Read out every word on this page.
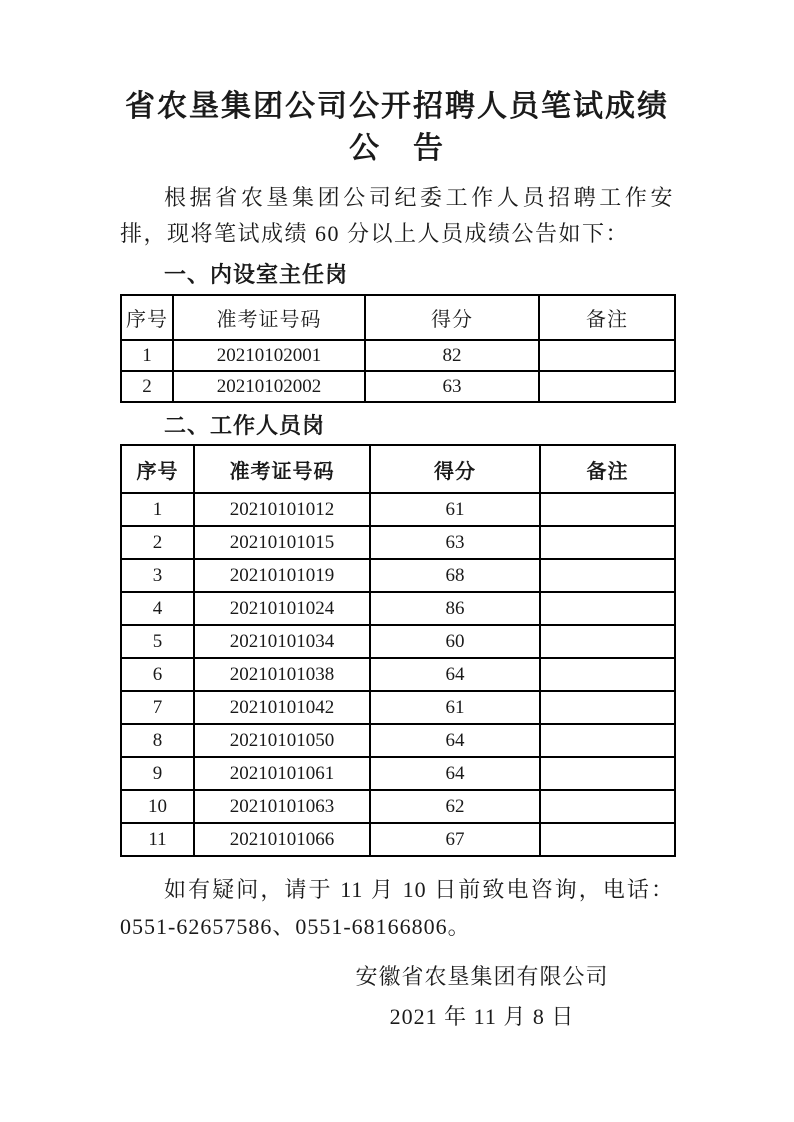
省农垦集团公司公开招聘人员笔试成绩
公　告
根据省农垦集团公司纪委工作人员招聘工作安
排，现将笔试成绩 60 分以上人员成绩公告如下：
一、内设室主任岗
序号	准考证号码	得分	备注
1	20210102001	82	
2	20210102002	63	
二、工作人员岗
序号	准考证号码	得分	备注
1	20210101012	61	
2	20210101015	63	
3	20210101019	68	
4	20210101024	86	
5	20210101034	60	
6	20210101038	64	
7	20210101042	61	
8	20210101050	64	
9	20210101061	64	
10	20210101063	62	
11	20210101066	67	
如有疑问，请于 11 月 10 日前致电咨询，电话：
0551-62657586、0551-68166806。
安徽省农垦集团有限公司
2021 年 11 月 8 日
